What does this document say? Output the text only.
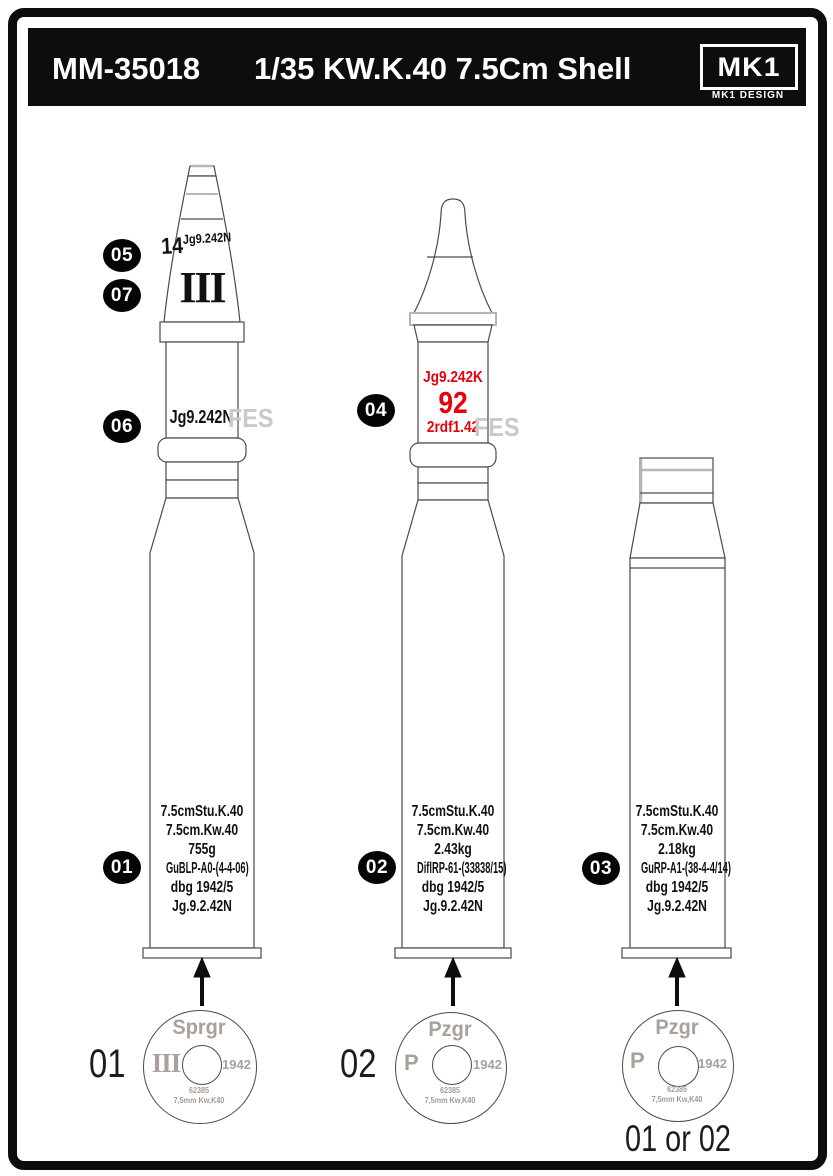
MM-35018 1/35 KW.K.40 7.5Cm Shell	MK1
MK1 DESIGN
05
07
06
04
01	02	03
$14^{Jg9.242N}$
III
Jg9.242N
FES
7.5cmStu.K.40
7.5cm.Kw.40
755g
GuBLP-A0-(4-4-06)
dbg 1942/5
Jg.9.2.42N
Jg9.242K
92
2rdf1.42
FES
7.5cmStu.K.40
7.5cm.Kw.40
2.43kg
DiflRP-61-(33838/15)
dbg 1942/5
Jg.9.2.42N
7.5cmStu.K.40
7.5cm.Kw.40
2.18kg
GuRP-A1-(38-4-4/14)
dbg 1942/5
Jg.9.2.42N
Sprgr
III	1942
62385
7,5mm Kw,K40
01
Pzgr
P	1942
62385
7,5mm Kw,K40
02
Pzgr
P	1942
62385
7,5mm Kw,K40
01 or 02
